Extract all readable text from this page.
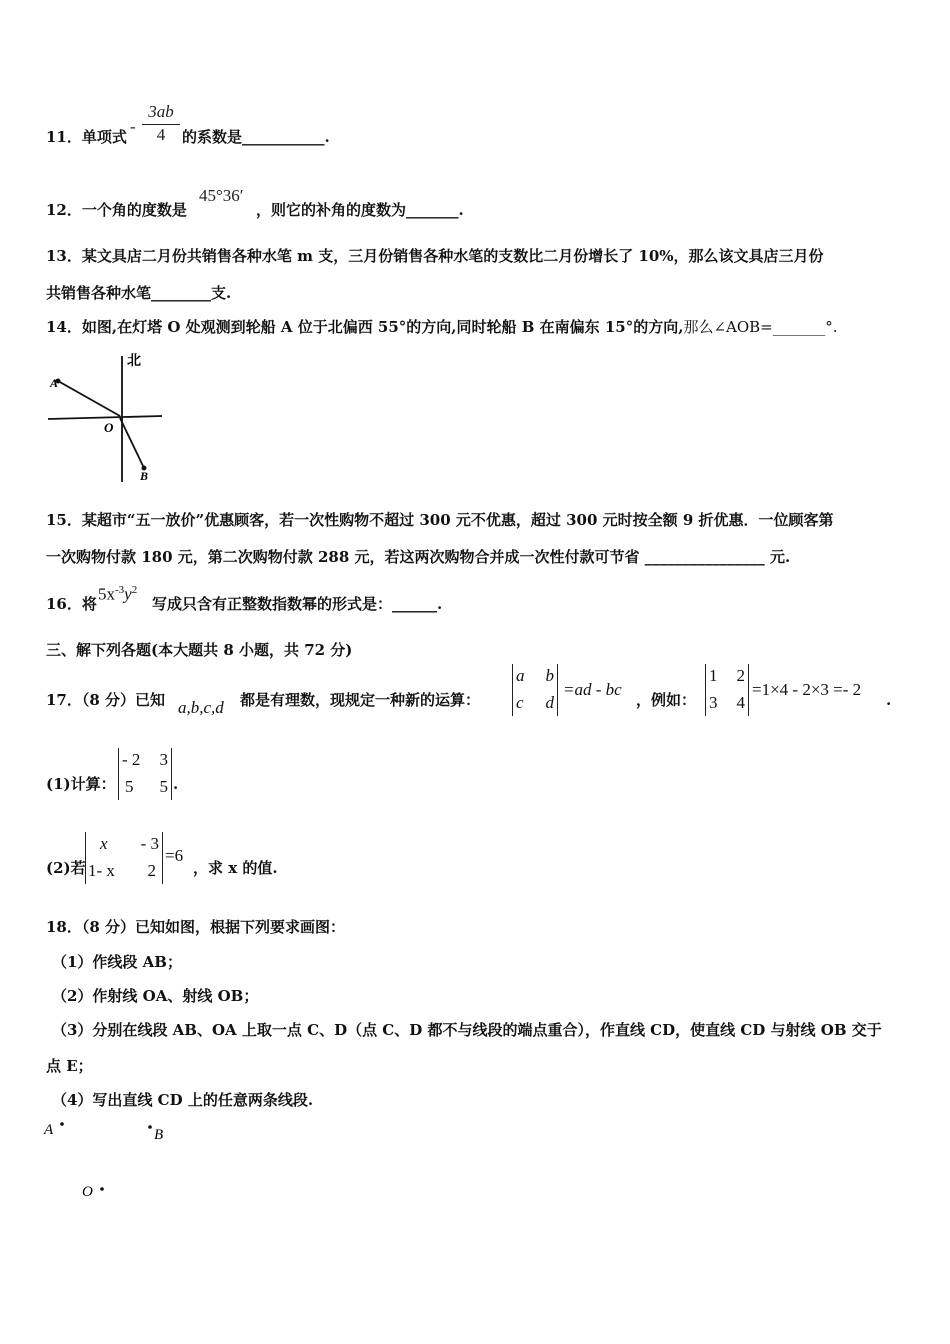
11．单项式
- $\frac{3ab}{4}$ 的系数是___________.
12．一个角的度数是
45°36′
，则它的补角的度数为_______.
13．某文具店二月份共销售各种水笔 m 支，三月份销售各种水笔的支数比二月份增长了 10%，那么该文具店三月份
共销售各种水笔________支.
14．如图,在灯塔 O 处观测到轮船 A 位于北偏西 55°的方向,同时轮船 B 在南偏东 15°的方向,那么∠AOB=_______°.
北
A
O
B
15．某超市“五一放价”优惠顾客，若一次性购物不超过 300 元不优惠，超过 300 元时按全额 9 折优惠．一位顾客第
一次购物付款 180 元，第二次购物付款 288 元，若这两次购物合并成一次性付款可节省 ________________ 元.
16．将
$5x^{-3}y^2$
写成只含有正整数指数幂的形式是：______.
三、解下列各题(本大题共 8 小题，共 72 分)
17．（8 分）已知 a,b,c,d 都是有理数，现规定一种新的运算：
a b
c d
=ad - bc
，例如：
1 2
3 4
=1×4 - 2×3 =- 2
.
(1)计算：
- 2 3
5 5 .
(2)若
x - 3
1- x 2
=6
，求 x 的值.
18．（8 分）已知如图，根据下列要求画图：
（1）作线段 AB；
（2）作射线 OA、射线 OB；
（3）分别在线段 AB、OA 上取一点 C、D（点 C、D 都不与线段的端点重合），作直线 CD，使直线 CD 与射线 OB 交于
点 E；
（4）写出直线 CD 上的任意两条线段.
A	B
O
